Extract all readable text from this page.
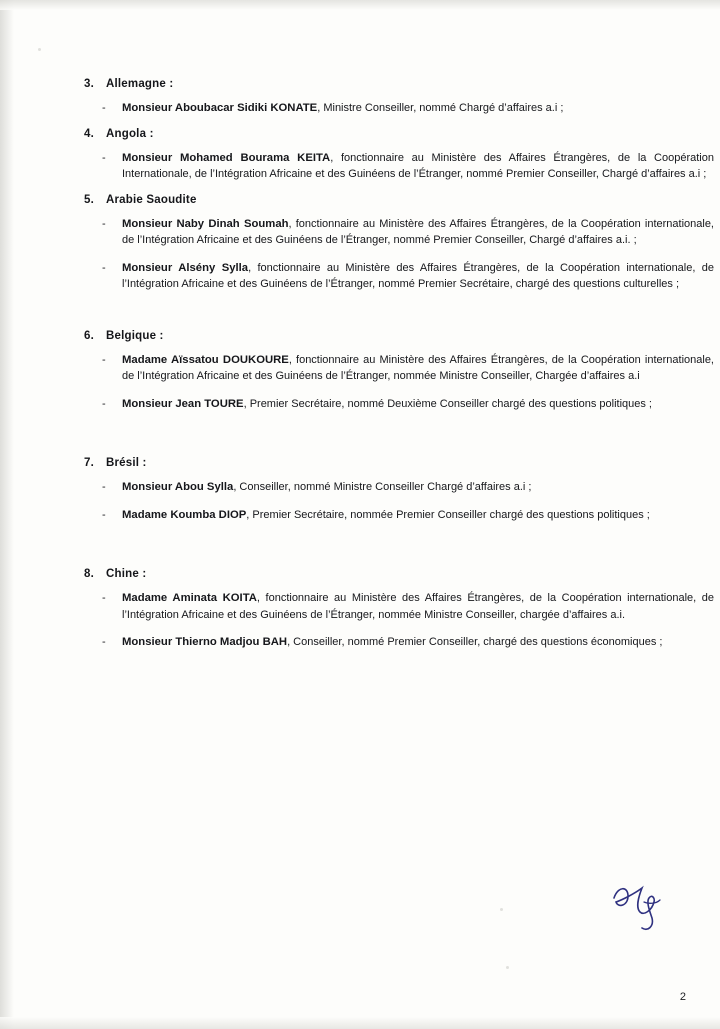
3.	Allemagne :
-	Monsieur Aboubacar Sidiki KONATE, Ministre Conseiller, nommé Chargé d’affaires a.i ;
4.	Angola :
-	Monsieur Mohamed Bourama KEITA, fonctionnaire au Ministère des Affaires Étrangères, de la Coopération Internationale, de l’Intégration Africaine et des Guinéens de l’Étranger, nommé Premier Conseiller, Chargé d’affaires a.i ;
5.	Arabie Saoudite
-	Monsieur Naby Dinah Soumah, fonctionnaire au Ministère des Affaires Étrangères, de la Coopération internationale, de l’Intégration Africaine et des Guinéens de l’Étranger, nommé Premier Conseiller, Chargé d’affaires a.i. ;
-	Monsieur Alsény Sylla, fonctionnaire au Ministère des Affaires Étrangères, de la Coopération internationale, de l’Intégration Africaine et des Guinéens de l’Étranger, nommé Premier Secrétaire, chargé des questions culturelles ;
6.	Belgique :
-	Madame Aïssatou DOUKOURE, fonctionnaire au Ministère des Affaires Étrangères, de la Coopération internationale, de l’Intégration Africaine et des Guinéens de l’Étranger, nommée Ministre Conseiller, Chargée d’affaires a.i
-	Monsieur Jean TOURE, Premier Secrétaire, nommé Deuxième Conseiller chargé des questions politiques ;
7.	Brésil :
-	Monsieur Abou Sylla, Conseiller, nommé Ministre Conseiller Chargé d’affaires a.i ;
-	Madame Koumba DIOP, Premier Secrétaire, nommée Premier Conseiller chargé des questions politiques ;
8.	Chine :
-	Madame Aminata KOITA, fonctionnaire au Ministère des Affaires Étrangères, de la Coopération internationale, de l’Intégration Africaine et des Guinéens de l’Étranger, nommée Ministre Conseiller, chargée d’affaires a.i.
-	Monsieur Thierno Madjou BAH, Conseiller, nommé Premier Conseiller, chargé des questions économiques ;
2
